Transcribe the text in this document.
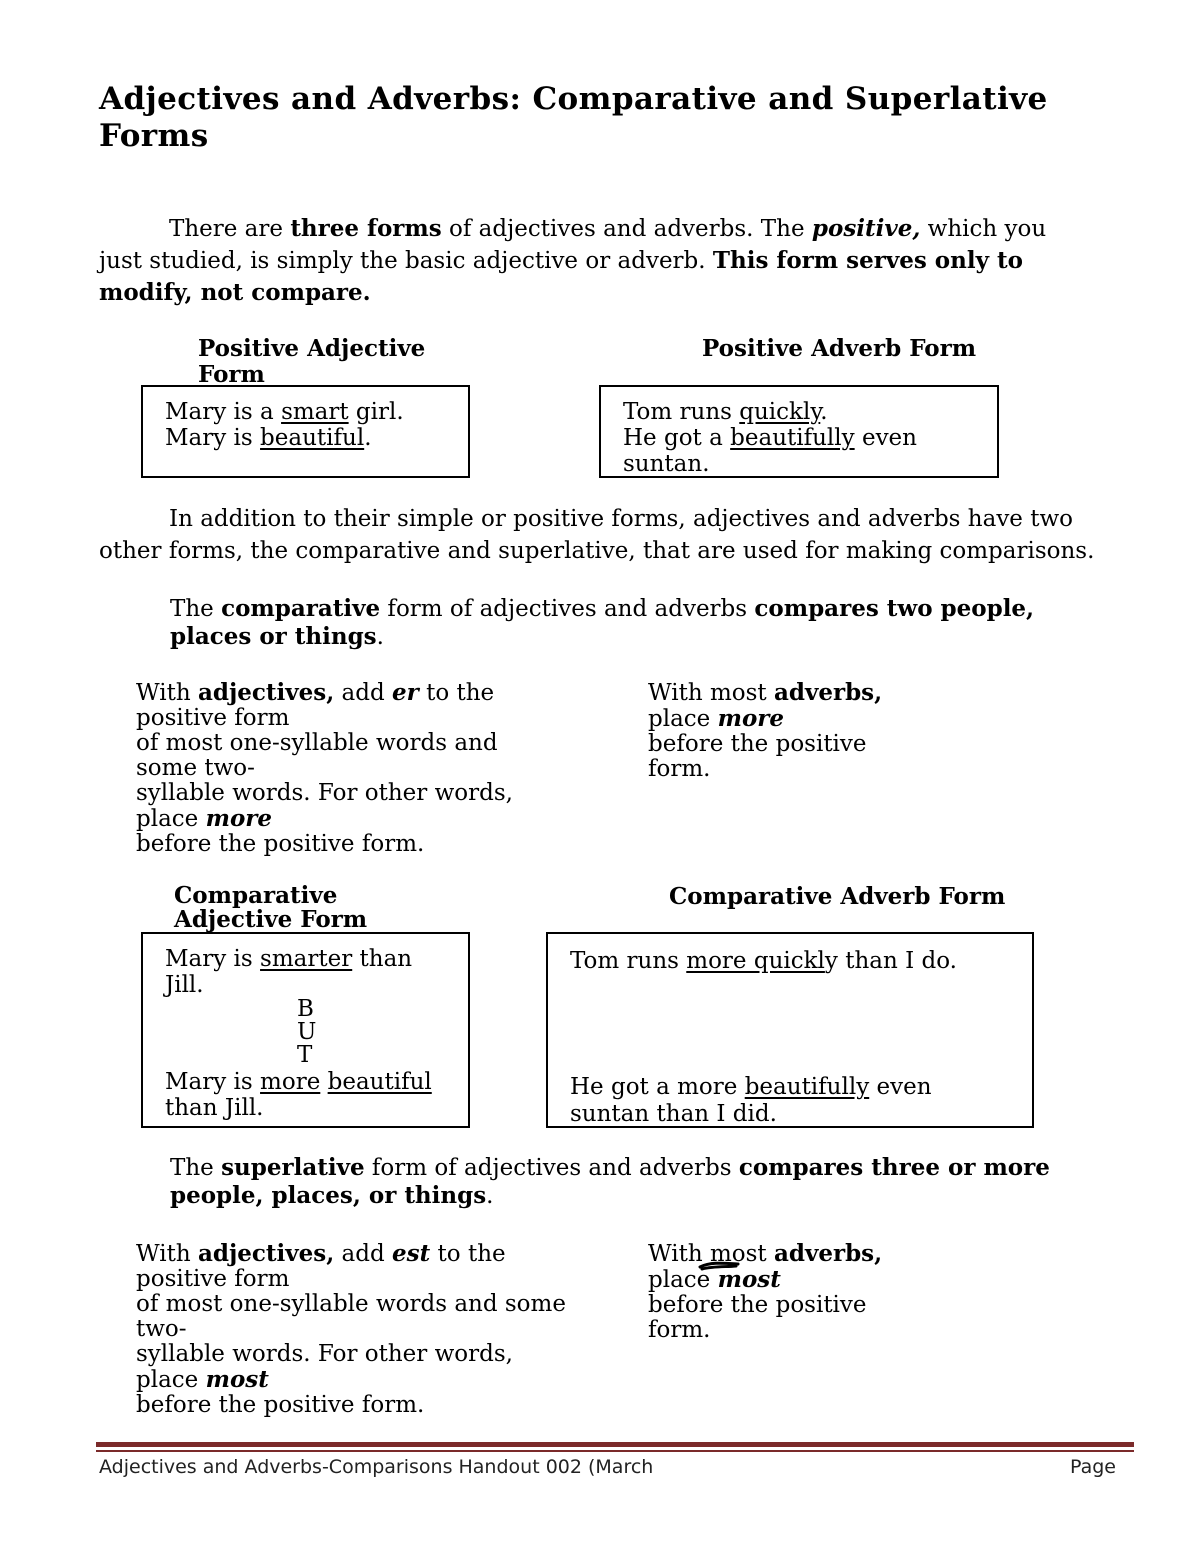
Adjectives and Adverbs: Comparative and Superlative Forms
There are three forms of adjectives and adverbs. The positive, which you just studied, is simply the basic adjective or adverb. This form serves only to modify, not compare.
Positive Adjective Form
Positive Adverb Form
Mary is a smart girl.
Mary is beautiful.
Tom runs quickly.
He got a beautifully even suntan.
In addition to their simple or positive forms, adjectives and adverbs have two other forms, the comparative and superlative, that are used for making comparisons.
The comparative form of adjectives and adverbs compares two people, places or things.
With adjectives, add er to the
positive form
of most one-syllable words and
some two-
syllable words. For other words,
place more
before the positive form.
With most adverbs,
place more
before the positive
form.
Comparative Adjective Form
Comparative Adverb Form
Mary is smarter than
Jill.
B
U
T
Mary is more beautiful
than Jill.
Tom runs more quickly than I do.
He got a more beautifully even
suntan than I did.
The superlative form of adjectives and adverbs compares three or more people, places, or things.
With adjectives, add est to the
positive form
of most one-syllable words and some
two-
syllable words. For other words,
place most
before the positive form.
With most adverbs,
place most
before the positive
form.
Adjectives and Adverbs-Comparisons Handout 002 (March	Page
